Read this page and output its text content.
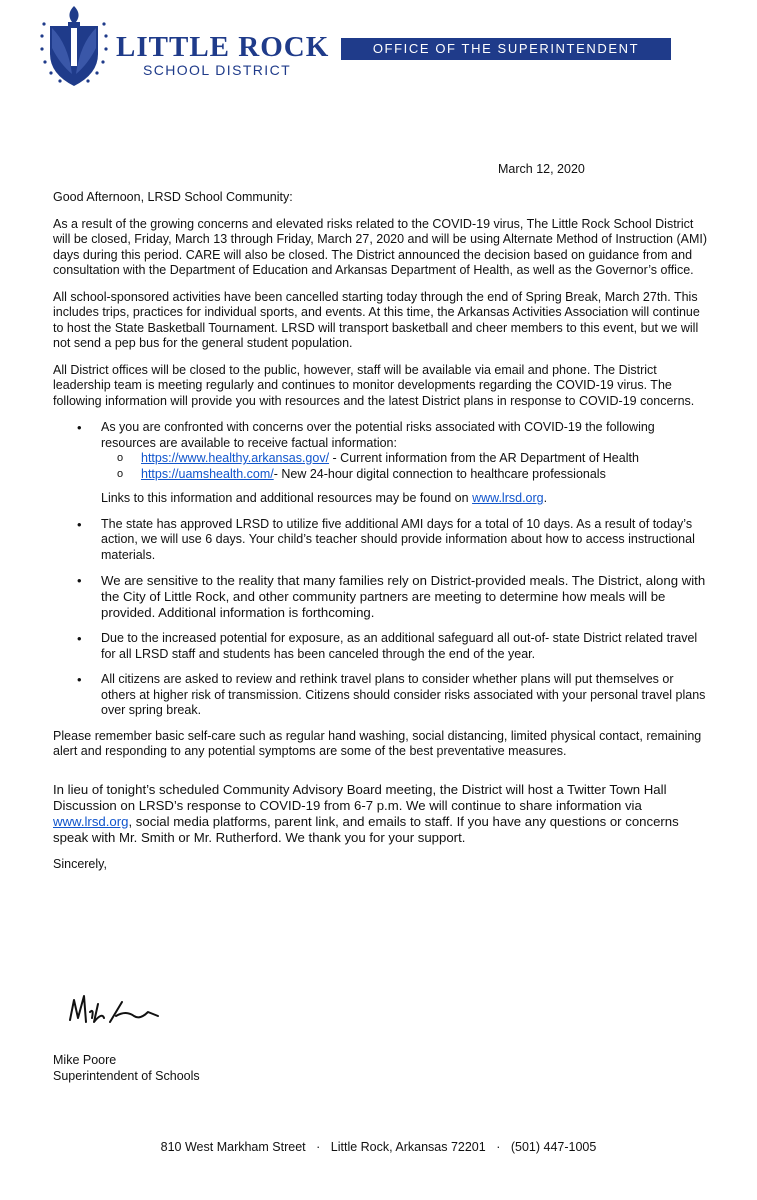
LITTLE ROCK
SCHOOL DISTRICT
OFFICE OF THE SUPERINTENDENT
March 12, 2020

Good Afternoon, LRSD School Community:

As a result of the growing concerns and elevated risks related to the COVID-19 virus, The Little Rock School District will be closed, Friday, March 13 through Friday, March 27, 2020 and will be using Alternate Method of Instruction (AMI) days during this period. CARE will also be closed. The District announced the decision based on guidance from and consultation with the Department of Education and Arkansas Department of Health, as well as the Governor’s office.

All school-sponsored activities have been cancelled starting today through the end of Spring Break, March 27th. This includes trips, practices for individual sports, and events. At this time, the Arkansas Activities Association will continue to host the State Basketball Tournament. LRSD will transport basketball and cheer members to this event, but we will not send a pep bus for the general student population.

All District offices will be closed to the public, however, staff will be available via email and phone. The District leadership team is meeting regularly and continues to monitor developments regarding the COVID-19 virus. The following information will provide you with resources and the latest District plans in response to COVID-19 concerns.

• As you are confronted with concerns over the potential risks associated with COVID-19 the following resources are available to receive factual information:
o https://www.healthy.arkansas.gov/ - Current information from the AR Department of Health
o https://uamshealth.com/- New 24-hour digital connection to healthcare professionals
Links to this information and additional resources may be found on www.lrsd.org.
• The state has approved LRSD to utilize five additional AMI days for a total of 10 days. As a result of today’s action, we will use 6 days. Your child’s teacher should provide information about how to access instructional materials.
• We are sensitive to the reality that many families rely on District-provided meals. The District, along with the City of Little Rock, and other community partners are meeting to determine how meals will be provided. Additional information is forthcoming.
• Due to the increased potential for exposure, as an additional safeguard all out-of- state District related travel for all LRSD staff and students has been canceled through the end of the year.
• All citizens are asked to review and rethink travel plans to consider whether plans will put themselves or others at higher risk of transmission. Citizens should consider risks associated with your personal travel plans over spring break.

Please remember basic self-care such as regular hand washing, social distancing, limited physical contact, remaining alert and responding to any potential symptoms are some of the best preventative measures.

In lieu of tonight’s scheduled Community Advisory Board meeting, the District will host a Twitter Town Hall Discussion on LRSD’s response to COVID-19 from 6-7 p.m. We will continue to share information via www.lrsd.org, social media platforms, parent link, and emails to staff. If you have any questions or concerns speak with Mr. Smith or Mr. Rutherford. We thank you for your support.

Sincerely,

Mike Poore
Superintendent of Schools
810 West Markham Street · Little Rock, Arkansas 72201 · (501) 447-1005
